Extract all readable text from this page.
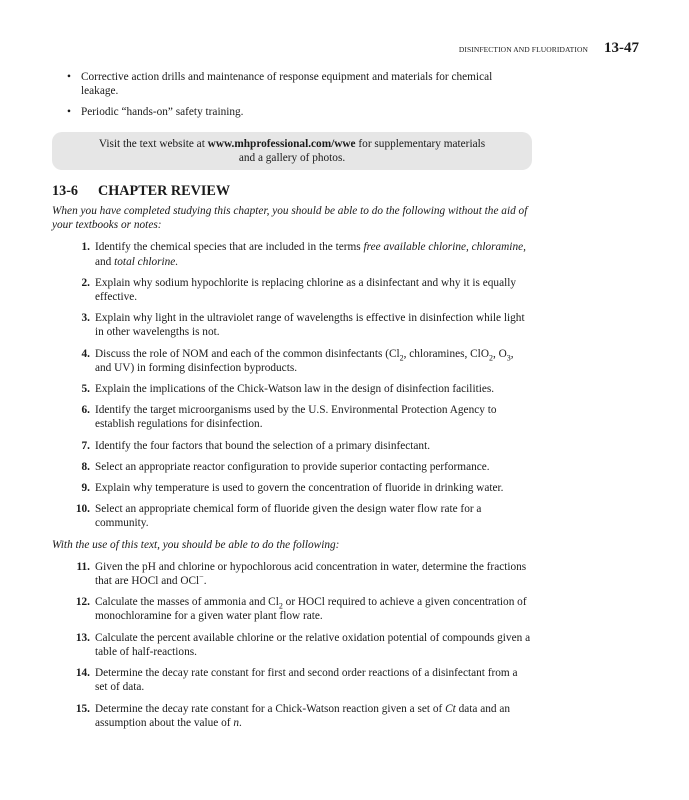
DISINFECTION AND FLUORIDATION 13-47
• Corrective action drills and maintenance of response equipment and materials for chemical leakage.
• Periodic “hands-on” safety training.
Visit the text website at www.mhprofessional.com/wwe for supplementary materials
and a gallery of photos.
13-6	CHAPTER REVIEW
When you have completed studying this chapter, you should be able to do the following without the aid of your textbooks or notes:
1. Identify the chemical species that are included in the terms free available chlorine, chloramine, and total chlorine.
2. Explain why sodium hypochlorite is replacing chlorine as a disinfectant and why it is equally effective.
3. Explain why light in the ultraviolet range of wavelengths is effective in disinfection while light in other wavelengths is not.
4. Discuss the role of NOM and each of the common disinfectants ($Cl_2$, chloramines, ClO$_2$, $O_3$, and UV) in forming disinfection byproducts.
5. Explain the implications of the Chick-Watson law in the design of disinfection facilities.
6. Identify the target microorganisms used by the U.S. Environmental Protection Agency to establish regulations for disinfection.
7. Identify the four factors that bound the selection of a primary disinfectant.
8. Select an appropriate reactor configuration to provide superior contacting performance.
9. Explain why temperature is used to govern the concentration of fluoride in drinking water.
10. Select an appropriate chemical form of fluoride given the design water flow rate for a community.
With the use of this text, you should be able to do the following:
11. Given the pH and chlorine or hypochlorous acid concentration in water, determine the fractions that are HOCl and OCl−.
12. Calculate the masses of ammonia and $Cl_2$ or HOCl required to achieve a given concentration of monochloramine for a given water plant flow rate.
13. Calculate the percent available chlorine or the relative oxidation potential of compounds given a table of half-reactions.
14. Determine the decay rate constant for first and second order reactions of a disinfectant from a set of data.
15. Determine the decay rate constant for a Chick-Watson reaction given a set of Ct data and an assumption about the value of n.
